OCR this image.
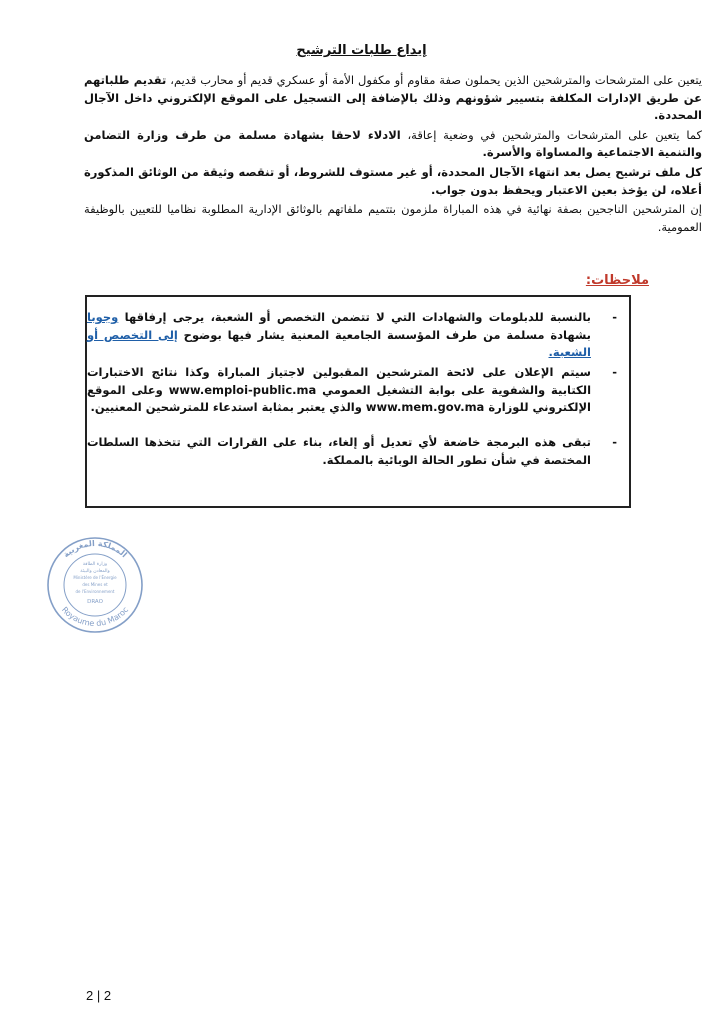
إيداع طلبات الترشيح

يتعين على المترشحات والمترشحين الذين يحملون صفة مقاوم أو مكفول الأمة أو عسكري قديم أو محارب قديم، تقديم طلباتهم عن طريق الإدارات المكلفة بتسيير شؤونهم وذلك بالإضافة إلى التسجيل على الموقع الإلكتروني داخل الآجال المحددة.

كما يتعين على المترشحات والمترشحين في وضعية إعاقة، الادلاء لاحقا بشهادة مسلمة من طرف وزارة التضامن والتنمية الاجتماعية والمساواة والأسرة.

كل ملف ترشيح يصل بعد انتهاء الآجال المحددة، أو غير مستوف للشروط، أو تنقصه وثيقة من الوثائق المذكورة أعلاه، لن يؤخذ بعين الاعتبار ويحفظ بدون جواب.

إن المترشحين الناجحين بصفة نهائية في هذه المباراة ملزمون بتتميم ملفاتهم بالوثائق الإدارية المطلوبة نظاميا للتعيين بالوظيفة العمومية.

ملاحظات:
-
بالنسبة للدبلومات والشهادات التي لا تتضمن التخصص أو الشعبة، يرجى إرفاقها وجوبا بشهادة مسلمة من طرف المؤسسة الجامعية المعنية يشار فيها بوضوح إلى التخصص أو الشعبة.
-
سيتم الإعلان على لائحة المترشحين المقبولين لاجتياز المباراة وكذا نتائج الاختبارات الكتابية والشفوية على بوابة التشغيل العمومي www.emploi-public.ma وعلى الموقع الإلكتروني للوزارة www.mem.gov.ma والذي يعتبر بمثابة استدعاء للمترشحين المعنيين.
-
تبقى هذه البرمجة خاضعة لأي تعديل أو إلغاء، بناء على القرارات التي تتخذها السلطات المختصة في شأن تطور الحالة الوبائية بالمملكة.
المملكة المغربية
Royaume du Maroc
وزارة الطاقة
والمعادن والبيئة
Ministère de l'Énergie
des Mines et
de l'Environnement
DRAO
2 | 2
